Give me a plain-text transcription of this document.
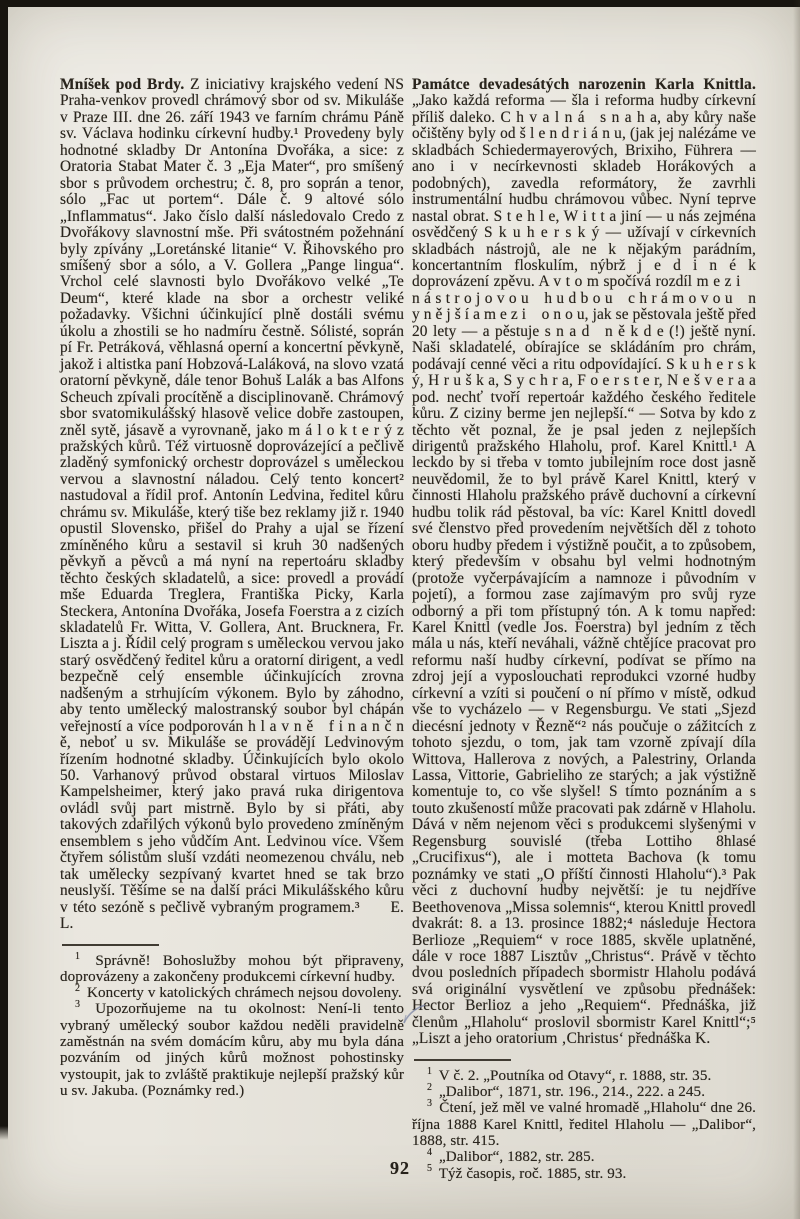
Mníšek pod Brdy. Z iniciativy krajského vedení NS Praha-venkov provedl chrámový sbor od sv. Mikuláše v Praze III. dne 26. září 1943 ve farním chrámu Páně sv. Václava hodinku církevní hudby.¹ Provedeny byly hodnotné skladby Dr Antonína Dvořáka, a sice: z Oratoria Stabat Mater č. 3 „Eja Mater“, pro smíšený sbor s průvodem orchestru; č. 8, pro soprán a tenor, sólo „Fac ut portem“. Dále č. 9 altové sólo „Inflammatus“. Jako číslo další následovalo Credo z Dvořákovy slavnostní mše. Při svátostném požehnání byly zpívány „Loretánské litanie“ V. Řihovského pro smíšený sbor a sólo, a V. Gollera „Pange lingua“. Vrchol celé slavnosti bylo Dvořákovo velké „Te Deum“, které klade na sbor a orchestr veliké požadavky. Všichni účinkující plně dostáli svému úkolu a zhostili se ho nadmíru čestně. Sólisté, soprán pí Fr. Petráková, věhlasná operní a koncertní pěvkyně, jakož i altistka paní Hobzová-Laláková, na slovo vzatá oratorní pěvkyně, dále tenor Bohuš Lalák a bas Alfons Scheuch zpívali procítěně a disciplinovaně. Chrámový sbor svatomikulášský hlasově velice dobře zastoupen, zněl sytě, jásavě a vyrovnaně, jako m á l o k t e r ý z pražských kůrů. Též virtuosně doprovázející a pečlivě zladěný symfonický orchestr doprovázel s uměleckou vervou a slavnostní náladou. Celý tento koncert² nastudoval a řídil prof. Antonín Ledvina, ředitel kůru chrámu sv. Mikuláše, který tiše bez reklamy již r. 1940 opustil Slovensko, přišel do Prahy a ujal se řízení zmíněného kůru a sestavil si kruh 30 nadšených pěvkyň a pěvců a má nyní na repertoáru skladby těchto českých skladatelů, a sice: provedl a provádí mše Eduarda Treglera, Františka Picky, Karla Steckera, Antonína Dvořáka, Josefa Foerstra a z cizích skladatelů Fr. Witta, V. Gollera, Ant. Brucknera, Fr. Liszta a j. Řídil celý program s uměleckou vervou jako starý osvědčený ředitel kůru a oratorní dirigent, a vedl bezpečně celý ensemble účinkujících zrovna nadšeným a strhujícím výkonem. Bylo by záhodno, aby tento umělecký malostranský soubor byl chápán veřejností a více podporován h l a v n ě f i n a n č n ě, neboť u sv. Mikuláše se provádějí Ledvinovým řízením hodnotné skladby. Účinkujících bylo okolo 50. Varhanový průvod obstaral virtuos Miloslav Kampelsheimer, který jako pravá ruka dirigentova ovládl svůj part mistrně. Bylo by si přáti, aby takových zdařilých výkonů bylo provedeno zmíněným ensemblem s jeho vůdčím Ant. Ledvinou více. Všem čtyřem sólistům sluší vzdáti neomezenou chválu, neb tak umělecky sezpívaný kvartet hned se tak brzo neuslyší. Těšíme se na další práci Mikulášského kůru v této sezóně s pečlivě vybraným programem.³  E. L.

$^1$ Správně! Bohoslužby mohou být připraveny, doprovázeny a zakončeny produkcemi církevní hudby.

$^2$ Koncerty v katolických chrámech nejsou dovoleny.

$^3$ Upozorňujeme na tu okolnost: Není-li tento vybraný umělecký soubor každou neděli pravidelně zaměstnán na svém domácím kůru, aby mu byla dána pozváním od jiných kůrů možnost pohostinsky vystoupit, jak to zvláště praktikuje nejlepší pražský kůr u sv. Jakuba. (Poznámky red.)

Památce devadesátých narozenin Karla Knittla. „Jako každá reforma — šla i reforma hudby církevní příliš daleko. C h v a l n á s n a h a, aby kůry naše očištěny byly od š l e n d r i á n u, (jak jej nalézáme ve skladbách Schiedermayerových, Brixiho, Führera — ano i v necírkevnosti skladeb Horákových a podobných), zavedla reformátory, že zavrhli instrumentální hudbu chrámovou vůbec. Nyní teprve nastal obrat. S t e h l e, W i t t a jiní — u nás zejména osvědčený S k u h e r s k ý — užívají v církevních skladbách nástrojů, ale ne k nějakým parádním, koncertantním floskulím, nýbrž j e d i n é k doprovázení zpěvu. A v t o m spočívá rozdíl m e z i n á s t r o j o v o u h u d b o u c h r á m o v o u n y n ě j š í a m e z i o n o u, jak se pěstovala ještě před 20 lety — a pěstuje s n a d n ě k d e (!) ještě nyní. Naši skladatelé, obírajíce se skládáním pro chrám, podávají cenné věci a ritu odpovídající. S k u h e r s k ý, H r u š k a, S y c h r a, F o e r s t e r, N e š v e r a a pod. nechť tvoří repertoár každého českého ředitele kůru. Z ciziny berme jen nejlepší.“ — Sotva by kdo z těchto vět poznal, že je psal jeden z nejlepších dirigentů pražského Hlaholu, prof. Karel Knittl.¹ A leckdo by si třeba v tomto jubilejním roce dost jasně neuvědomil, že to byl právě Karel Knittl, který v činnosti Hlaholu pražského právě duchovní a církevní hudbu tolik rád pěstoval, ba víc: Karel Knittl dovedl své členstvo před provedením největších děl z tohoto oboru hudby předem i výstižně poučit, a to způsobem, který především v obsahu byl velmi hodnotným (protože vyčerpávajícím a namnoze i původním v pojetí), a formou zase zajímavým pro svůj ryze odborný a při tom přístupný tón. A k tomu napřed: Karel Knittl (vedle Jos. Foerstra) byl jedním z těch mála u nás, kteří neváhali, vážně chtějíce pracovat pro reformu naší hudby církevní, podívat se přímo na zdroj její a vyposlouchati reprodukci vzorné hudby církevní a vzíti si poučení o ní přímo v místě, odkud vše to vycházelo — v Regensburgu. Ve stati „Sjezd diecésní jednoty v Řezně“² nás poučuje o zážitcích z tohoto sjezdu, o tom, jak tam vzorně zpívají díla Wittova, Hallerova z nových, a Palestriny, Orlanda Lassa, Vittorie, Gabrieliho ze starých; a jak výstižně komentuje to, co vše slyšel! S tímto poznáním a s touto zkušeností může pracovati pak zdárně v Hlaholu. Dává v něm nejenom věci s produkcemi slyšenými v Regensburg souvislé (třeba Lottiho 8hlasé „Crucifixus“), ale i motteta Bachova (k tomu poznámky ve stati „O příští činnosti Hlaholu“).³ Pak věci z duchovní hudby největší: je tu nejdříve Beethovenova „Missa solemnis“, kterou Knittl provedl dvakrát: 8. a 13. prosince 1882;⁴ následuje Hectora Berlioze „Requiem“ v roce 1885, skvěle uplatněné, dále v roce 1887 Lisztův „Christus“. Právě v těchto dvou posledních případech sbormistr Hlaholu podává svá originální vysvětlení ve způsobu přednášek: Hector Berlioz a jeho „Requiem“. Přednáška, již členům „Hlaholu“ proslovil sbormistr Karel Knittl“;⁵ „Liszt a jeho oratorium ‚Christus‘ přednáška K.

$^1$ V č. 2. „Poutníka od Otavy“, r. 1888, str. 35.

$^2$ „Dalibor“, 1871, str. 196., 214., 222. a 245.

$^3$ Čtení, jež měl ve valné hromadě „Hlaholu“ dne 26. října 1888 Karel Knittl, ředitel Hlaholu — „Dalibor“, 1888, str. 415.

$^4$ „Dalibor“, 1882, str. 285.

$^5$ Týž časopis, roč. 1885, str. 93.

92
